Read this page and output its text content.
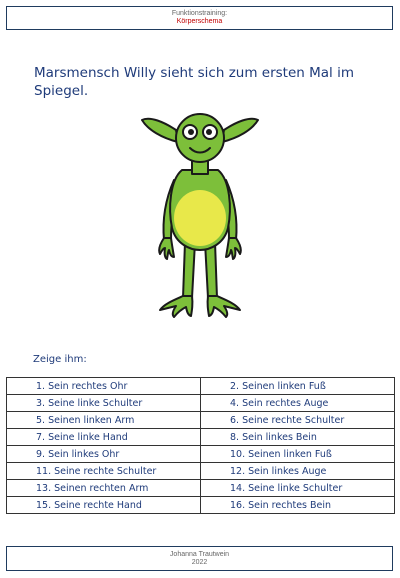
Funktionstraining:
Körperschema
Marsmensch Willy sieht sich zum ersten Mal im Spiegel.
Zeige ihm:
1. Sein rechtes Ohr	2. Seinen linken Fuß
3. Seine linke Schulter	4. Sein rechtes Auge
5. Seinen linken Arm	6. Seine rechte Schulter
7. Seine linke Hand	8. Sein linkes Bein
9. Sein linkes Ohr	10. Seinen linken Fuß
11. Seine rechte Schulter	12. Sein linkes Auge
13. Seinen rechten Arm	14. Seine linke Schulter
15. Seine rechte Hand	16. Sein rechtes Bein
Johanna Trautwein
2022
